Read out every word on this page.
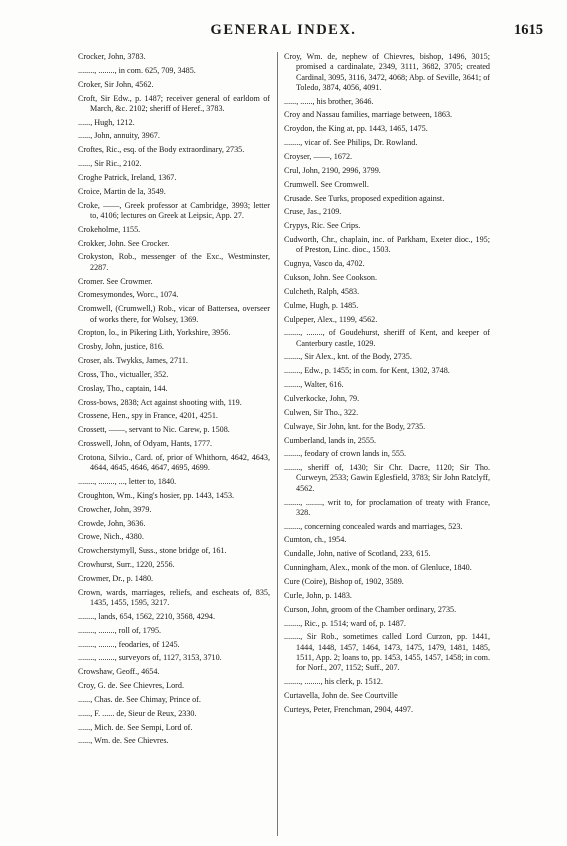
GENERAL INDEX.	1615
Crocker, John, 3783.
........, ........, in com. 625, 709, 3485.
Croker, Sir John, 4562.
Croft, Sir Edw., p. 1487; receiver general of earldom of March, &c. 2102; sheriff of Heref., 3783.
......, Hugh, 1212.
......, John, annuity, 3967.
Croftes, Ric., esq. of the Body extraordinary, 2735.
......, Sir Ric., 2102.
Croghe Patrick, Ireland, 1367.
Croice, Martin de la, 3549.
Croke, ——, Greek professor at Cambridge, 3993; letter to, 4106; lectures on Greek at Leipsic, App. 27.
Crokeholme, 1155.
Crokker, John. See Crocker.
Crokyston, Rob., messenger of the Exc., Westminster, 2287.
Cromer. See Crowmer.
Cromesymondes, Worc., 1074.
Cromwell, (Crumwell,) Rob., vicar of Battersea, overseer of works there, for Wolsey, 1369.
Cropton, lo., in Pikering Lith, Yorkshire, 3956.
Crosby, John, justice, 816.
Croser, als. Twykks, James, 2711.
Cross, Tho., victualler, 352.
Croslay, Tho., captain, 144.
Cross-bows, 2838; Act against shooting with, 119.
Crossene, Hen., spy in France, 4201, 4251.
Crossett, ——, servant to Nic. Carew, p. 1508.
Crosswell, John, of Odyam, Hants, 1777.
Crotona, Silvio., Card. of, prior of Whithorn, 4642, 4643, 4644, 4645, 4646, 4647, 4695, 4699.
........, ........, ..., letter to, 1840.
Croughton, Wm., King's hosier, pp. 1443, 1453.
Crowcher, John, 3979.
Crowde, John, 3636.
Crowe, Nich., 4380.
Crowcherstymyll, Suss., stone bridge of, 161.
Crowhurst, Surr., 1220, 2556.
Crowmer, Dr., p. 1480.
Crown, wards, marriages, reliefs, and escheats of, 835, 1435, 1455, 1595, 3217.
........, lands, 654, 1562, 2210, 3568, 4294.
........, ........, roll of, 1795.
........, ........, feodaries, of 1245.
........, ........, surveyors of, 1127, 3153, 3710.
Crowshaw, Geoff., 4654.
Croy, G. de. See Chievres, Lord.
......, Chas. de. See Chimay, Prince of.
......, F. ...... de, Sieur de Reux, 2330.
......, Mich. de. See Sempi, Lord of.
......, Wm. de. See Chievres.
Croy, Wm. de, nephew of Chievres, bishop, 1496, 3015; promised a cardinalate, 2349, 3111, 3682, 3705; created Cardinal, 3095, 3116, 3472, 4068; Abp. of Seville, 3641; of Toledo, 3874, 4056, 4091.
......, ......, his brother, 3646.
Croy and Nassau families, marriage between, 1863.
Croydon, the King at, pp. 1443, 1465, 1475.
........, vicar of. See Philips, Dr. Rowland.
Croyser, ——, 1672.
Crul, John, 2190, 2996, 3799.
Crumwell. See Cromwell.
Crusade. See Turks, proposed expedition against.
Cruse, Jas., 2109.
Crypys, Ric. See Crips.
Cudworth, Chr., chaplain, inc. of Parkham, Exeter dioc., 195; of Preston, Linc. dioc., 1503.
Cugnya, Vasco da, 4702.
Cukson, John. See Cookson.
Culcheth, Ralph, 4583.
Culme, Hugh, p. 1485.
Culpeper, Alex., 1199, 4562.
........, ........, of Goudehurst, sheriff of Kent, and keeper of Canterbury castle, 1029.
........, Sir Alex., knt. of the Body, 2735.
........, Edw., p. 1455; in com. for Kent, 1302, 3748.
........, Walter, 616.
Culverkocke, John, 79.
Culwen, Sir Tho., 322.
Culwaye, Sir John, knt. for the Body, 2735.
Cumberland, lands in, 2555.
........, feodary of crown lands in, 555.
........, sheriff of, 1430; Sir Chr. Dacre, 1120; Sir Tho. Curweyn, 2533; Gawin Eglesfield, 3783; Sir John Ratclyff, 4562.
........, ........, writ to, for proclamation of treaty with France, 328.
........, concerning concealed wards and marriages, 523.
Cumton, ch., 1954.
Cundalle, John, native of Scotland, 233, 615.
Cunningham, Alex., monk of the mon. of Glenluce, 1840.
Cure (Coire), Bishop of, 1902, 3589.
Curle, John, p. 1483.
Curson, John, groom of the Chamber ordinary, 2735.
........, Ric., p. 1514; ward of, p. 1487.
........, Sir Rob., sometimes called Lord Curzon, pp. 1441, 1444, 1448, 1457, 1464, 1473, 1475, 1479, 1481, 1485, 1511, App. 2; loans to, pp. 1453, 1455, 1457, 1458; in com. for Norf., 207, 1152; Suff., 207.
........, ........, his clerk, p. 1512.
Curtavella, John de. See Courtville
Curteys, Peter, Frenchman, 2904, 4497.
